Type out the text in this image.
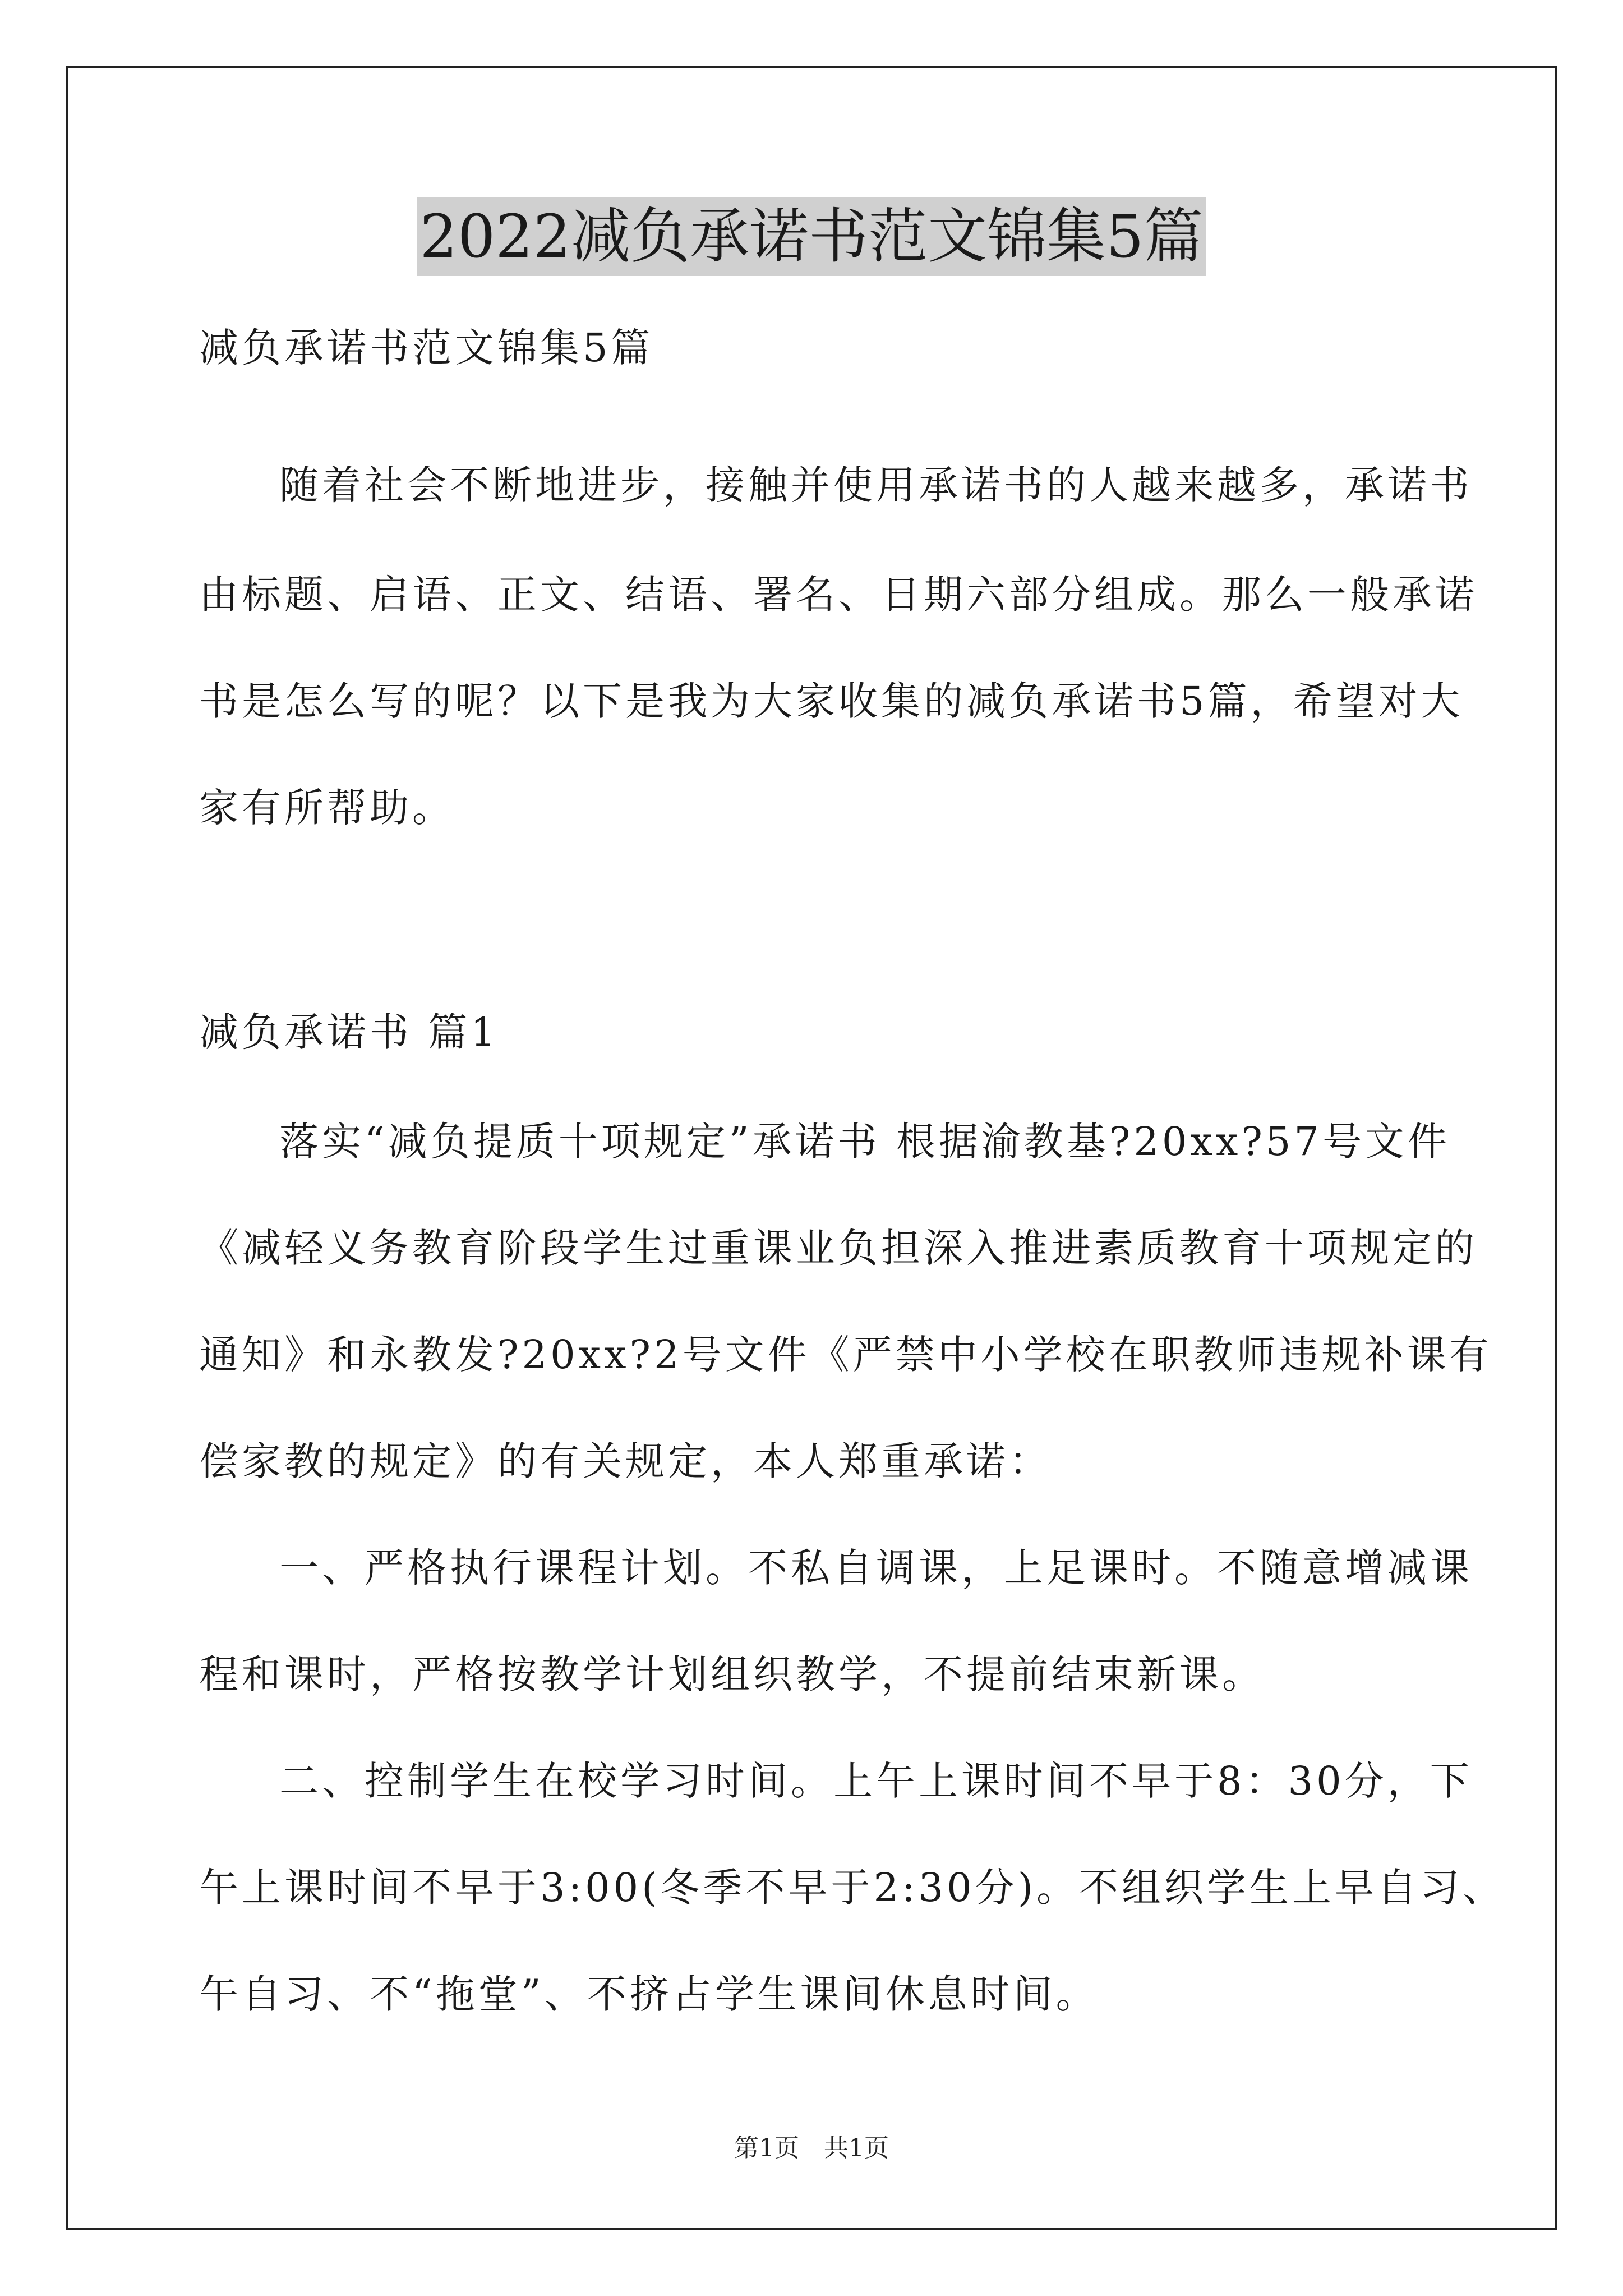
2022减负承诺书范文锦集5篇
减负承诺书范文锦集5篇
随着社会不断地进步，接触并使用承诺书的人越来越多，承诺书
由标题、启语、正文、结语、署名、日期六部分组成。那么一般承诺
书是怎么写的呢？以下是我为大家收集的减负承诺书5篇，希望对大
家有所帮助。
减负承诺书 篇1
落实“减负提质十项规定”承诺书 根据渝教基?20xx?57号文件
《减轻义务教育阶段学生过重课业负担深入推进素质教育十项规定的
通知》和永教发?20xx?2号文件《严禁中小学校在职教师违规补课有
偿家教的规定》的有关规定，本人郑重承诺：
一、严格执行课程计划。不私自调课，上足课时。不随意增减课
程和课时，严格按教学计划组织教学，不提前结束新课。
二、控制学生在校学习时间。上午上课时间不早于8：30分，下
午上课时间不早于3:00(冬季不早于2:30分)。不组织学生上早自习、
午自习、不“拖堂”、不挤占学生课间休息时间。
第1页　共1页
